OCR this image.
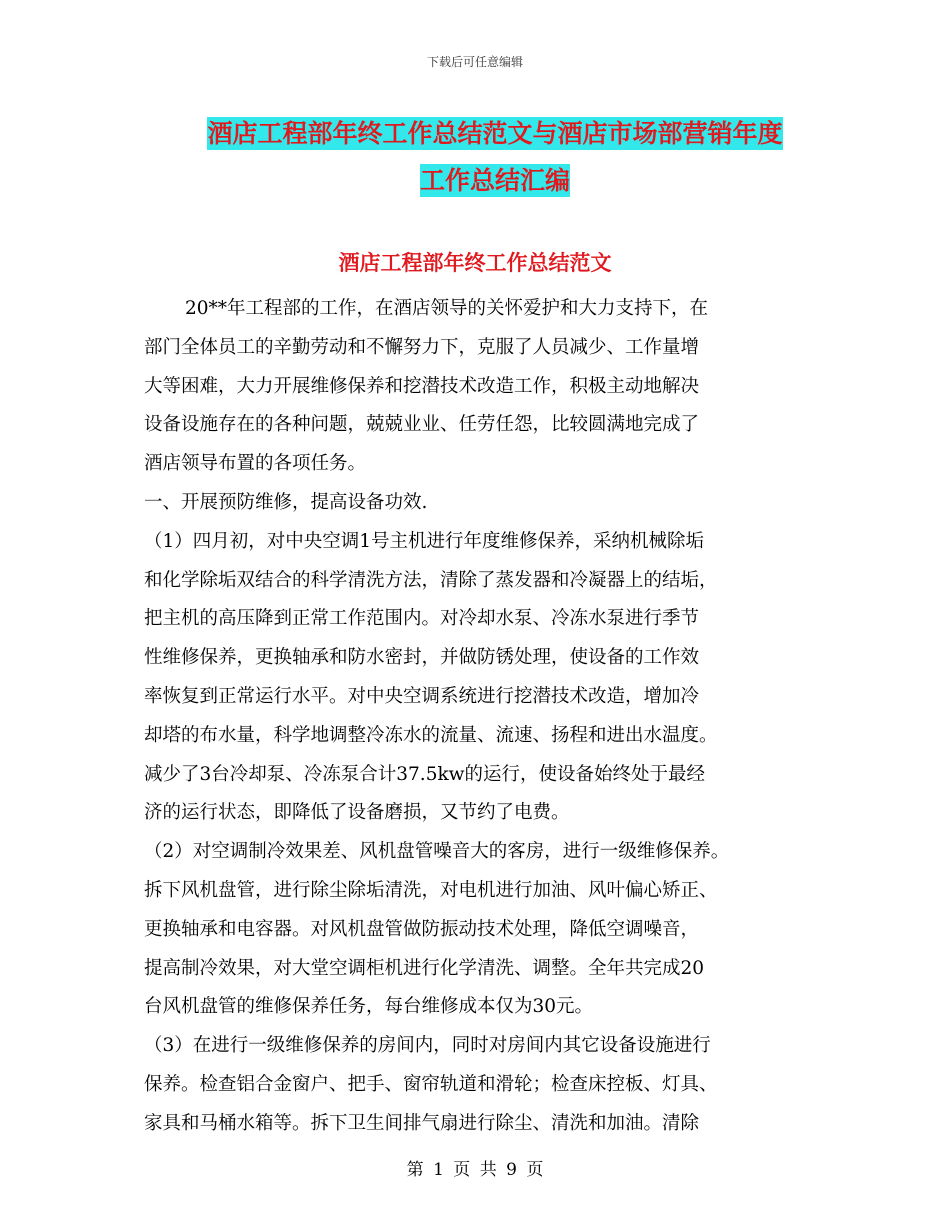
下载后可任意编辑
酒店工程部年终工作总结范文与酒店市场部营销年度
工作总结汇编
酒店工程部年终工作总结范文
20**年工程部的工作，在酒店领导的关怀爱护和大力支持下，在
部门全体员工的辛勤劳动和不懈努力下，克服了人员减少、工作量增
大等困难，大力开展维修保养和挖潜技术改造工作，积极主动地解决
设备设施存在的各种问题，兢兢业业、任劳任怨，比较圆满地完成了
酒店领导布置的各项任务。
一、开展预防维修，提高设备功效.
（1）四月初，对中央空调1号主机进行年度维修保养，采纳机械除垢
和化学除垢双结合的科学清洗方法，清除了蒸发器和冷凝器上的结垢，
把主机的高压降到正常工作范围内。对冷却水泵、冷冻水泵进行季节
性维修保养，更换轴承和防水密封，并做防锈处理，使设备的工作效
率恢复到正常运行水平。对中央空调系统进行挖潜技术改造，增加冷
却塔的布水量，科学地调整冷冻水的流量、流速、扬程和进出水温度。
减少了3台冷却泵、冷冻泵合计37.5kw的运行，使设备始终处于最经
济的运行状态，即降低了设备磨损，又节约了电费。
（2）对空调制冷效果差、风机盘管噪音大的客房，进行一级维修保养。
拆下风机盘管，进行除尘除垢清洗，对电机进行加油、风叶偏心矫正、
更换轴承和电容器。对风机盘管做防振动技术处理，降低空调噪音，
提高制冷效果，对大堂空调柜机进行化学清洗、调整。全年共完成20
台风机盘管的维修保养任务，每台维修成本仅为30元。
（3）在进行一级维修保养的房间内，同时对房间内其它设备设施进行
保养。检查铝合金窗户、把手、窗帘轨道和滑轮；检查床控板、灯具、
家具和马桶水箱等。拆下卫生间排气扇进行除尘、清洗和加油。清除
第 1 页 共 9 页
